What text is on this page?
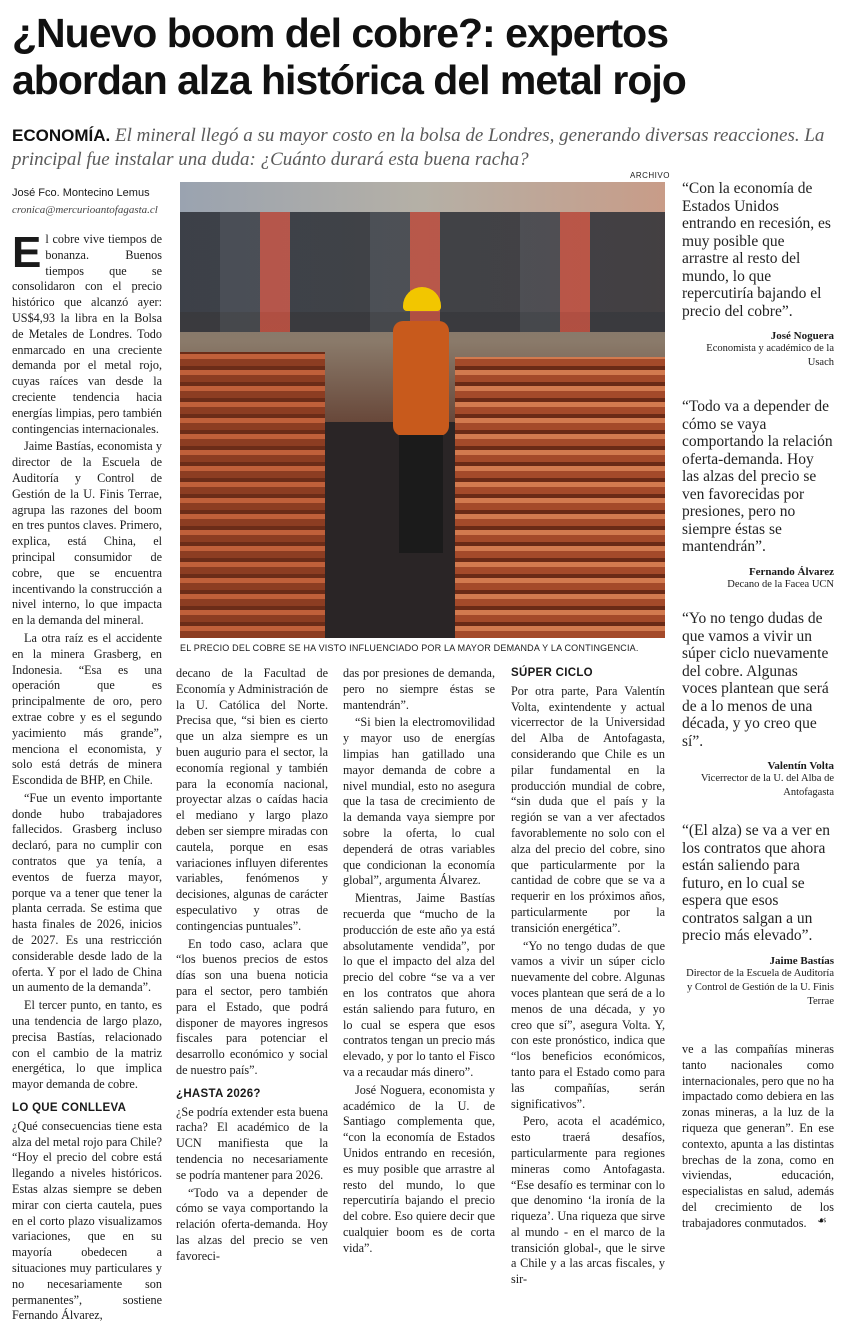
¿Nuevo boom del cobre?: expertos abordan alza histórica del metal rojo
ECONOMÍA. El mineral llegó a su mayor costo en la bolsa de Londres, generando diversas reacciones. La principal fue instalar una duda: ¿Cuánto durará esta buena racha?
José Fco. Montecino Lemus
cronica@mercurioantofagasta.cl
ARCHIVO
EL PRECIO DEL COBRE SE HA VISTO INFLUENCIADO POR LA MAYOR DEMANDA Y LA CONTINGENCIA.

El cobre vive tiempos de bonanza. Buenos tiempos que se consolidaron con el precio histórico que alcanzó ayer: US$4,93 la libra en la Bolsa de Metales de Londres. Todo enmarcado en una creciente demanda por el metal rojo, cuyas raíces van desde la creciente tendencia hacia energías limpias, pero también contingencias internacionales.

Jaime Bastías, economista y director de la Escuela de Auditoría y Control de Gestión de la U. Finis Terrae, agrupa las razones del boom en tres puntos claves. Primero, explica, está China, el principal consumidor de cobre, que se encuentra incentivando la construcción a nivel interno, lo que impacta en la demanda del mineral.

La otra raíz es el accidente en la minera Grasberg, en Indonesia. “Esa es una operación que es principalmente de oro, pero extrae cobre y es el segundo yacimiento más grande”, menciona el economista, y solo está detrás de minera Escondida de BHP, en Chile.

“Fue un evento importante donde hubo trabajadores fallecidos. Grasberg incluso declaró, para no cumplir con contratos que ya tenía, a eventos de fuerza mayor, porque va a tener que tener la planta cerrada. Se estima que hasta finales de 2026, inicios de 2027. Es una restricción considerable desde lado de la oferta. Y por el lado de China un aumento de la demanda”.

El tercer punto, en tanto, es una tendencia de largo plazo, precisa Bastías, relacionado con el cambio de la matriz energética, lo que implica mayor demanda de cobre.

LO QUE CONLLEVA

¿Qué consecuencias tiene esta alza del metal rojo para Chile? “Hoy el precio del cobre está llegando a niveles históricos. Estas alzas siempre se deben mirar con cierta cautela, pues en el corto plazo visualizamos variaciones, que en su mayoría obedecen a situaciones muy particulares y no necesariamente son permanentes”, sostiene Fernando Álvarez,

decano de la Facultad de Economía y Administración de la U. Católica del Norte. Precisa que, “si bien es cierto que un alza siempre es un buen augurio para el sector, la economía regional y también para la economía nacional, proyectar alzas o caídas hacia el mediano y largo plazo deben ser siempre miradas con cautela, porque en esas variaciones influyen diferentes variables, fenómenos y decisiones, algunas de carácter especulativo y otras de contingencias puntuales”.

En todo caso, aclara que “los buenos precios de estos días son una buena noticia para el sector, pero también para el Estado, que podrá disponer de mayores ingresos fiscales para potenciar el desarrollo económico y social de nuestro país”.

¿HASTA 2026?

¿Se podría extender esta buena racha? El académico de la UCN manifiesta que la tendencia no necesariamente se podría mantener para 2026.

“Todo va a depender de cómo se vaya comportando la relación oferta-demanda. Hoy las alzas del precio se ven favoreci-

das por presiones de demanda, pero no siempre éstas se mantendrán”.

“Si bien la electromovilidad y mayor uso de energías limpias han gatillado una mayor demanda de cobre a nivel mundial, esto no asegura que la tasa de crecimiento de la demanda vaya siempre por sobre la oferta, lo cual dependerá de otras variables que condicionan la economía global”, argumenta Álvarez.

Mientras, Jaime Bastías recuerda que “mucho de la producción de este año ya está absolutamente vendida”, por lo que el impacto del alza del precio del cobre “se va a ver en los contratos que ahora están saliendo para futuro, en lo cual se espera que esos contratos tengan un precio más elevado, y por lo tanto el Fisco va a recaudar más dinero”.

José Noguera, economista y académico de la U. de Santiago complementa que, “con la economía de Estados Unidos entrando en recesión, es muy posible que arrastre al resto del mundo, lo que repercutiría bajando el precio del cobre. Eso quiere decir que cualquier boom es de corta vida”.

SÚPER CICLO

Por otra parte, Para Valentín Volta, exintendente y actual vicerrector de la Universidad del Alba de Antofagasta, considerando que Chile es un pilar fundamental en la producción mundial de cobre, “sin duda que el país y la región se van a ver afectados favorablemente no solo con el alza del precio del cobre, sino que particularmente por la cantidad de cobre que se va a requerir en los próximos años, particularmente por la transición energética”.

“Yo no tengo dudas de que vamos a vivir un súper ciclo nuevamente del cobre. Algunas voces plantean que será de a lo menos de una década, y yo creo que sí”, asegura Volta. Y, con este pronóstico, indica que “los beneficios económicos, tanto para el Estado como para las compañías, serán significativos”.

Pero, acota el académico, esto traerá desafíos, particularmente para regiones mineras como Antofagasta. “Ese desafío es terminar con lo que denomino ‘la ironía de la riqueza’. Una riqueza que sirve al mundo - en el marco de la transición global-, que le sirve a Chile y a las arcas fiscales, y sir-

ve a las compañías mineras tanto nacionales como internacionales, pero que no ha impactado como debiera en las zonas mineras, a la luz de la riqueza que generan”. En ese contexto, apunta a las distintas brechas de la zona, como en viviendas, educación, especialistas en salud, además del crecimiento de los trabajadores conmutados.

“Con la economía de Estados Unidos entrando en recesión, es muy posible que arrastre al resto del mundo, lo que repercutiría bajando el precio del cobre”.
José Noguera
Economista y académico de la Usach
“Todo va a depender de cómo se vaya comportando la relación oferta-demanda. Hoy las alzas del precio se ven favorecidas por presiones, pero no siempre éstas se mantendrán”.
Fernando Álvarez
Decano de la Facea UCN
“Yo no tengo dudas de que vamos a vivir un súper ciclo nuevamente del cobre. Algunas voces plantean que será de a lo menos de una década, y yo creo que sí”.
Valentín Volta
Vicerrector de la U. del Alba de Antofagasta
“(El alza) se va a ver en los contratos que ahora están saliendo para futuro, en lo cual se espera que esos contratos salgan a un precio más elevado”.
Jaime Bastías
Director de la Escuela de Auditoría y Control de Gestión de la U. Finis Terrae
☙
